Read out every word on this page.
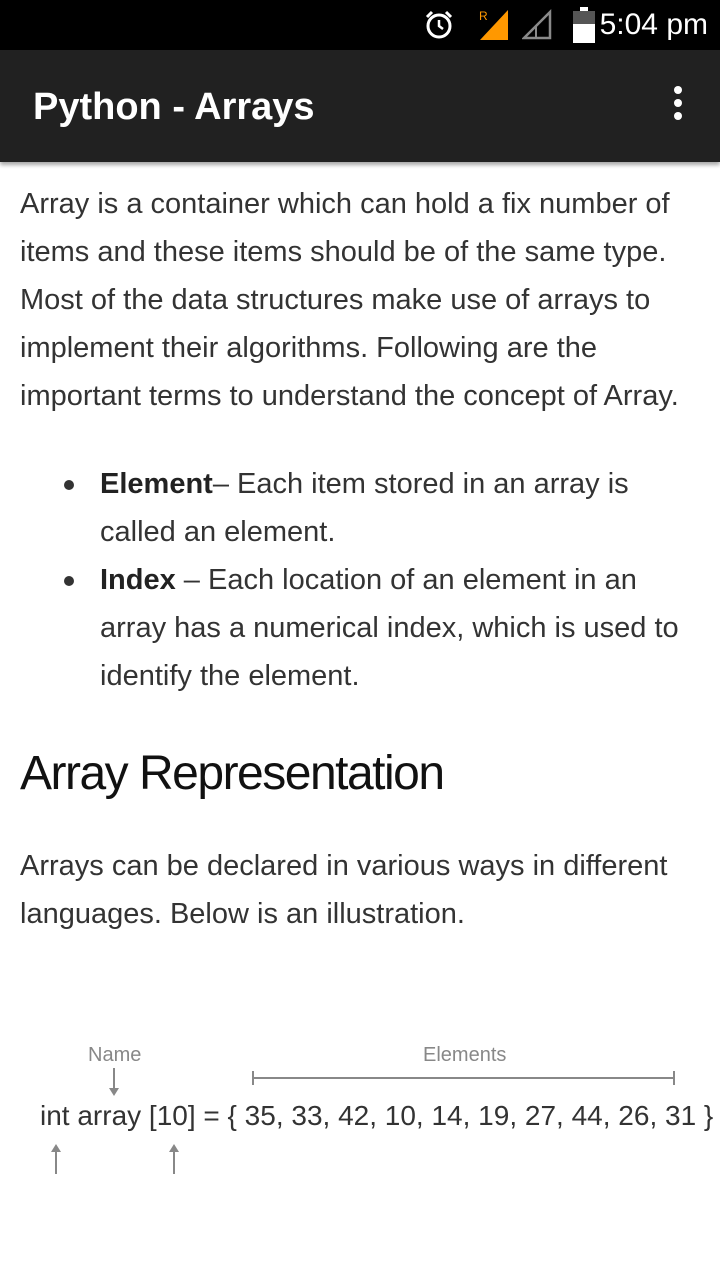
R	5:04 pm
Python - Arrays

Array is a container which can hold a fix number of items and these items should be of the same type. Most of the data structures make use of arrays to implement their algorithms. Following are the important terms to understand the concept of Array.

Element– Each item stored in an array is called an element.
Index – Each location of an element in an array has a numerical index, which is used to identify the element.
Array Representation

Arrays can be declared in various ways in different languages. Below is an illustration.

Name	Elements
int array [10] = { 35, 33, 42, 10, 14, 19, 27, 44, 26, 31 }
